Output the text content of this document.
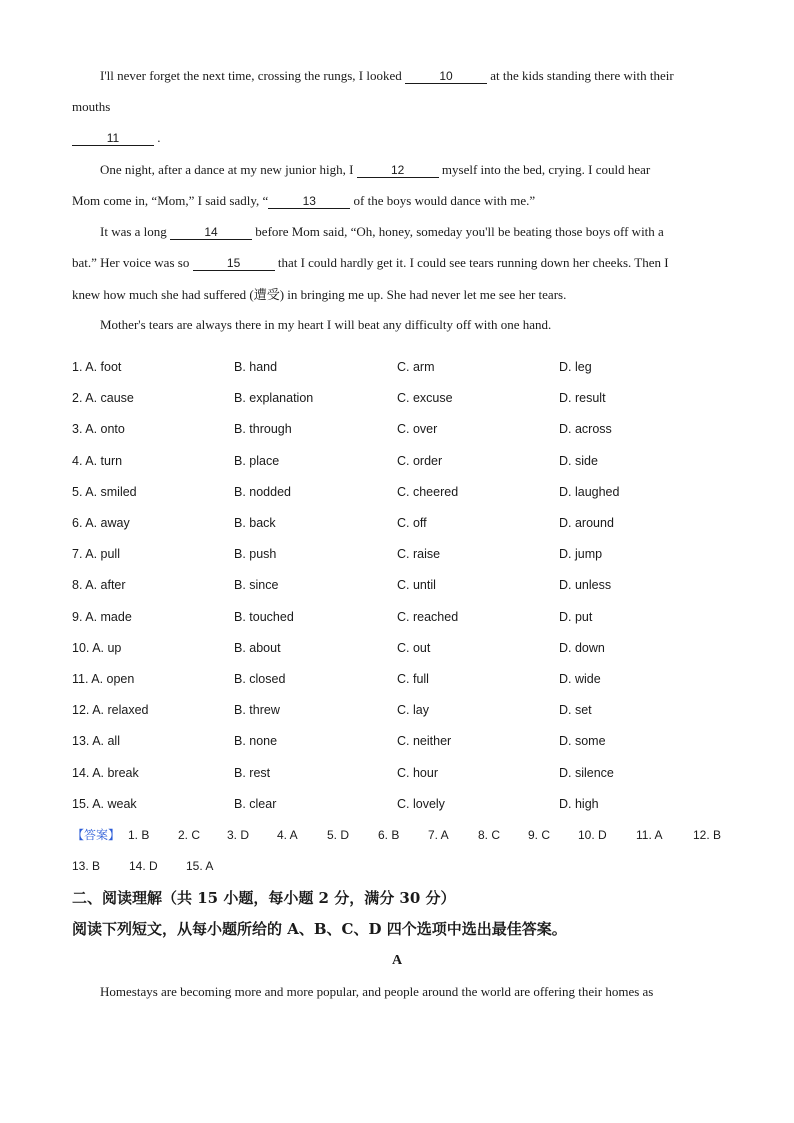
I'll never forget the next time, crossing the rungs, I looked	10	at the kids standing there with their
mouths
11	.
One night, after a dance at my new junior high, I	12	myself into the bed, crying. I could hear
Mom come in, “Mom,” I said sadly, “	13	of the boys would dance with me.”
It was a long	14	before Mom said, “Oh, honey, someday you'll be beating those boys off with a
bat.” Her voice was so	15	that I could hardly get it. I could see tears running down her cheeks. Then I
knew how much she had suffered (遭受) in bringing me up. She had never let me see her tears.
Mother's tears are always there in my heart I will beat any difficulty off with one hand.
1. A. foot	B. hand	C. arm	D. leg
2. A. cause	B. explanation	C. excuse	D. result
3. A. onto	B. through	C. over	D. across
4. A. turn	B. place	C. order	D. side
5. A. smiled	B. nodded	C. cheered	D. laughed
6. A. away	B. back	C. off	D. around
7. A. pull	B. push	C. raise	D. jump
8. A. after	B. since	C. until	D. unless
9. A. made	B. touched	C. reached	D. put
10. A. up	B. about	C. out	D. down
11. A. open	B. closed	C. full	D. wide
12. A. relaxed	B. threw	C. lay	D. set
13. A. all	B. none	C. neither	D. some
14. A. break	B. rest	C. hour	D. silence
15. A. weak	B. clear	C. lovely	D. high
【答案】 1. B 2. C 3. D 4. A 5. D 6. B 7. A 8. C 9. C 10. D 11. A	12. B
13. B 14. D 15. A
二、阅读理解（共 15 小题，每小题 2 分，满分 30 分）
阅读下列短文，从每小题所给的 A、B、C、D 四个选项中选出最佳答案。
A
Homestays are becoming more and more popular, and people around the world are offering their homes as
